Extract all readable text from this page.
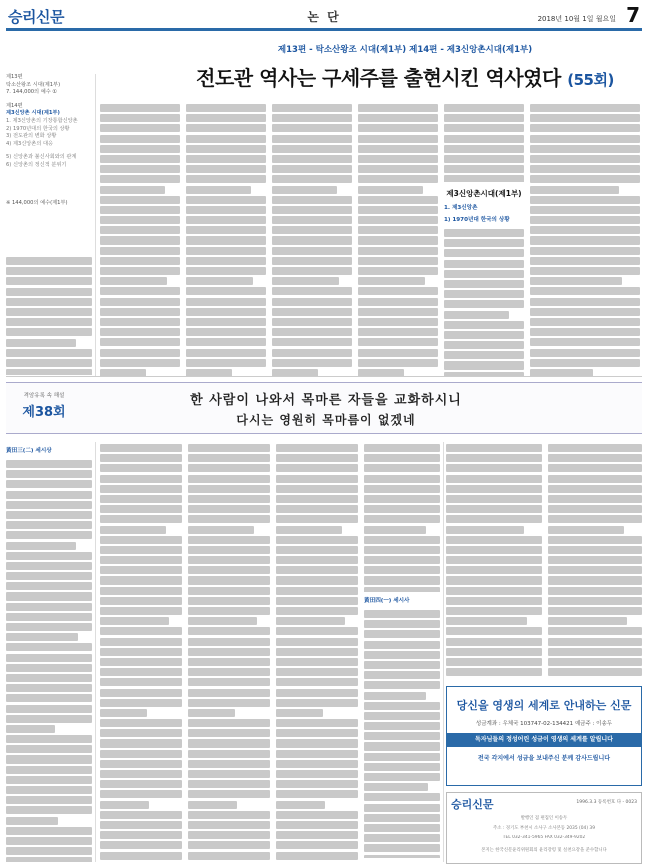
승리신문	논 단	2018년 10월 1일 월요일 7
제13편 - 탁소산왕조 시대(제1부) 제14편 - 제3신앙촌시대(제1부)
전도관 역사는 구세주를 출현시킨 역사였다 (55회)
제13편
탁소산왕조 시대(제1부)
7. 144,000의 예수 ①
제14편
제3신앙촌 시대(제1부)
1. 제3신앙촌의 기장통합신앙촌
2) 1970년대의 한국의 상황
3) 전도관의 변화 상황
4) 제3신앙촌의 대응
5) 신앙촌과 불신사회와의 관계
6) 신앙촌의 정신적 분위기
※ 144,000의 예수(제1부)
제3신앙촌시대(제1부)
1. 제3신앙촌
1) 1970년대 한국의 상황
격암유록 속 해설
제38회
한 사람이 나와서 목마른 자들을 교화하시니
다시는 영원히 목마름이 없겠네
黃田三(二) 세시상
黃田四(ㅡ) 세시사
당신을 영생의 세계로 안내하는 신문
성금계좌 : 우체국 103747-02-134421 예금주 : 이송두
독자님들의 정성어린 성금이 영생의 세계를 알립니다
전국 각지에서 성금을 보내주신 분께 감사드립니다
승리신문	1996.3.3 등록번호 다 - 0023
발행인 겸 편집인 이송두
주소 : 경기도 부천시 소사구 소사본동 2035 (04) 39
TEL 032-341-5965 FAX 032-349-9202
본지는 한국신문윤리위원회의 윤리강령 및 실천요강을 준수합니다
